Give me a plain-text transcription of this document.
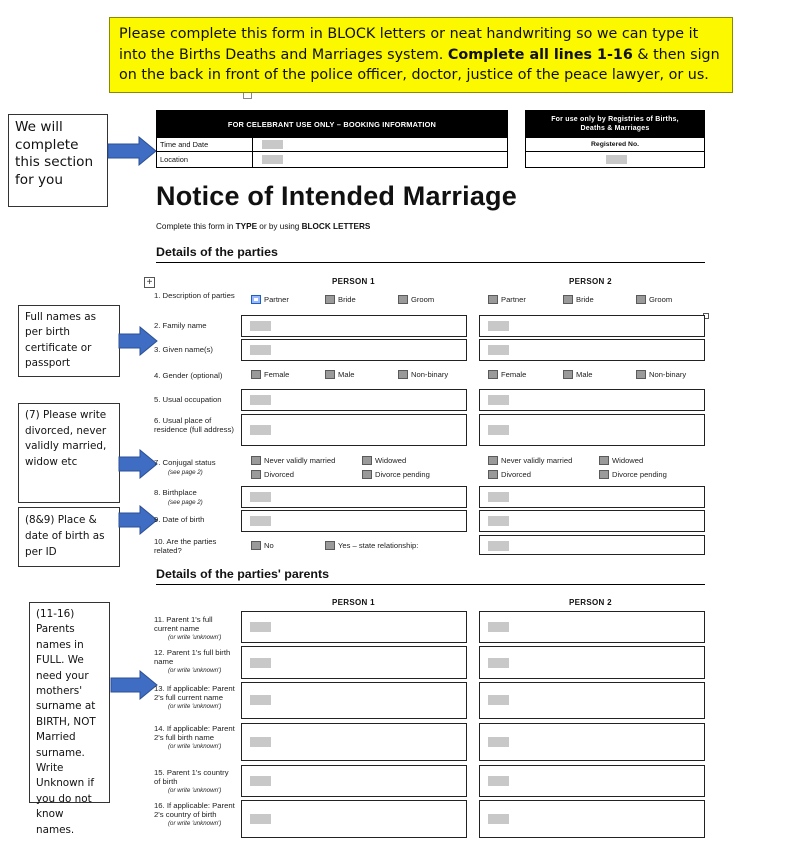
Please complete this form in BLOCK letters or neat handwriting so we can type it into the Births Deaths and Marriages system. Complete all lines 1-16 & then sign on the back in front of the police officer, doctor, justice of the peace lawyer, or us.
We will complete this section for you
Full names as per birth certificate or passport
(7) Please write divorced, never validly married, widow etc
(8&9) Place & date of birth as per ID
(11-16) Parents names in FULL. We need your mothers' surname at BIRTH, NOT Married surname. Write Unknown if you do not know names.
FOR CELEBRANT USE ONLY – BOOKING INFORMATION
Time and Date
Location
For use only by Registries of Births, Deaths & Marriages
Registered No.
Notice of Intended Marriage
Complete this form in TYPE or by using BLOCK LETTERS
Details of the parties
+	PERSON 1	PERSON 2
1. Description of parties	Partner	Bride	Groom	Partner	Bride	Groom
2. Family name
3. Given name(s)
4. Gender (optional)	Female	Male	Non-binary	Female	Male	Non-binary
5. Usual occupation
6. Usual place of residence (full address)
7. Conjugal status
(see page 2)
Never validly married	Widowed
Divorced	Divorce pending
Never validly married	Widowed
Divorced	Divorce pending
8. Birthplace
(see page 2)
9. Date of birth
10. Are the parties related?
No	Yes – state relationship:
Details of the parties' parents
PERSON 1	PERSON 2
11. Parent 1's full current name
(or write 'unknown')
12. Parent 1's full birth name
(or write 'unknown')
13. If applicable: Parent 2's full current name
(or write 'unknown')
14. If applicable: Parent 2's full birth name
(or write 'unknown')
15. Parent 1's country of birth
(or write 'unknown')
16. If applicable: Parent 2's country of birth
(or write 'unknown')
